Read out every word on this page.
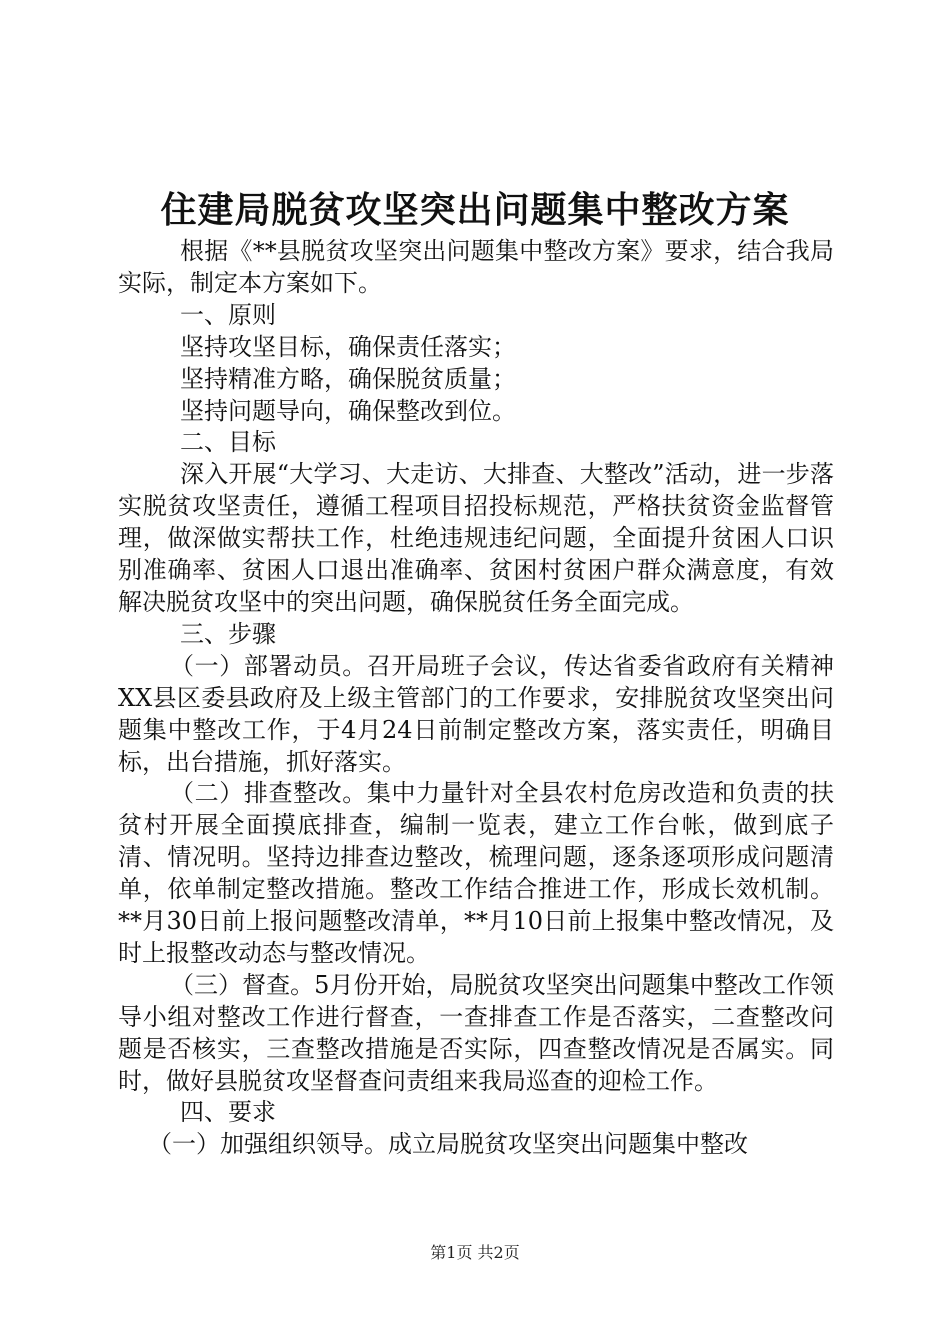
住建局脱贫攻坚突出问题集中整改方案

根据《**县脱贫攻坚突出问题集中整改方案》要求，结合我局实际，制定本方案如下。

一、原则

坚持攻坚目标，确保责任落实；

坚持精准方略，确保脱贫质量；

坚持问题导向，确保整改到位。

二、目标

深入开展“大学习、大走访、大排查、大整改”活动，进一步落实脱贫攻坚责任，遵循工程项目招投标规范，严格扶贫资金监督管理，做深做实帮扶工作，杜绝违规违纪问题，全面提升贫困人口识别准确率、贫困人口退出准确率、贫困村贫困户群众满意度，有效解决脱贫攻坚中的突出问题，确保脱贫任务全面完成。

三、步骤

（一）部署动员。召开局班子会议，传达省委省政府有关精神XX县区委县政府及上级主管部门的工作要求，安排脱贫攻坚突出问题集中整改工作，于4月24日前制定整改方案，落实责任，明确目标，出台措施，抓好落实。

（二）排查整改。集中力量针对全县农村危房改造和负责的扶贫村开展全面摸底排查，编制一览表，建立工作台帐，做到底子清、情况明。坚持边排查边整改，梳理问题，逐条逐项形成问题清单，依单制定整改措施。整改工作结合推进工作，形成长效机制。**月30日前上报问题整改清单，**月10日前上报集中整改情况，及时上报整改动态与整改情况。

（三）督查。5月份开始，局脱贫攻坚突出问题集中整改工作领导小组对整改工作进行督查，一查排查工作是否落实，二查整改问题是否核实，三查整改措施是否实际，四查整改情况是否属实。同时，做好县脱贫攻坚督查问责组来我局巡查的迎检工作。

四、要求

（一）加强组织领导。成立局脱贫攻坚突出问题集中整改

第1页 共2页
